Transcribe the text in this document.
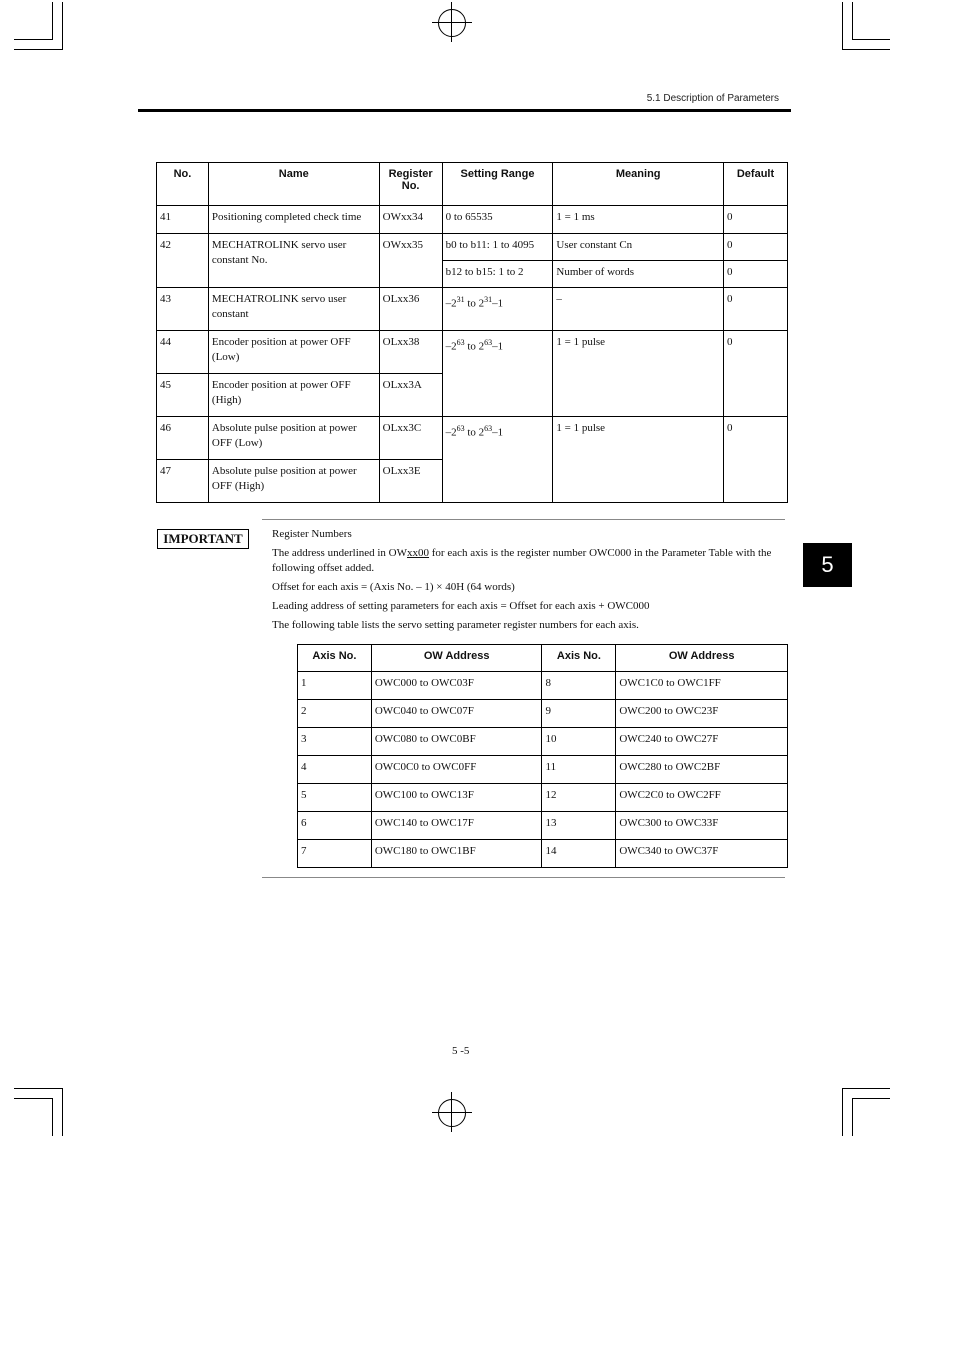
5.1 Description of Parameters
5
No.	Name	Register No.	Setting Range	Meaning	Default
41	Positioning completed check time	OWxx34	0 to 65535	1 = 1 ms	0
42	MECHATROLINK servo user constant No.	OWxx35	b0 to b11: 1 to 4095	User constant Cn	0
			b12 to b15: 1 to 2	Number of words	0
43	MECHATROLINK servo user constant	OLxx36	$-2^{31}$ to $2^{31}-1$	–	0
44	Encoder position at power OFF (Low)	OLxx38	$-2^{63}$ to $2^{63}-1$	1 = 1 pulse	0
45	Encoder position at power OFF (High)	OLxx3A			
46	Absolute pulse position at power OFF (Low)	OLxx3C	$-2^{63}$ to $2^{63}-1$	1 = 1 pulse	0
47	Absolute pulse position at power OFF (High)	OLxx3E			
IMPORTANT	Register Numbers
The address underlined in OWxx00 for each axis is the register number OWC000 in the Parameter Table with the following offset added.
Offset for each axis = (Axis No. – 1) × 40H (64 words)
Leading address of setting parameters for each axis = Offset for each axis + OWC000
The following table lists the servo setting parameter register numbers for each axis.
Axis No.	OW Address	Axis No.	OW Address
1	OWC000 to OWC03F	8	OWC1C0 to OWC1FF
2	OWC040 to OWC07F	9	OWC200 to OWC23F
3	OWC080 to OWC0BF	10	OWC240 to OWC27F
4	OWC0C0 to OWC0FF	11	OWC280 to OWC2BF
5	OWC100 to OWC13F	12	OWC2C0 to OWC2FF
6	OWC140 to OWC17F	13	OWC300 to OWC33F
7	OWC180 to OWC1BF	14	OWC340 to OWC37F
5 -5
